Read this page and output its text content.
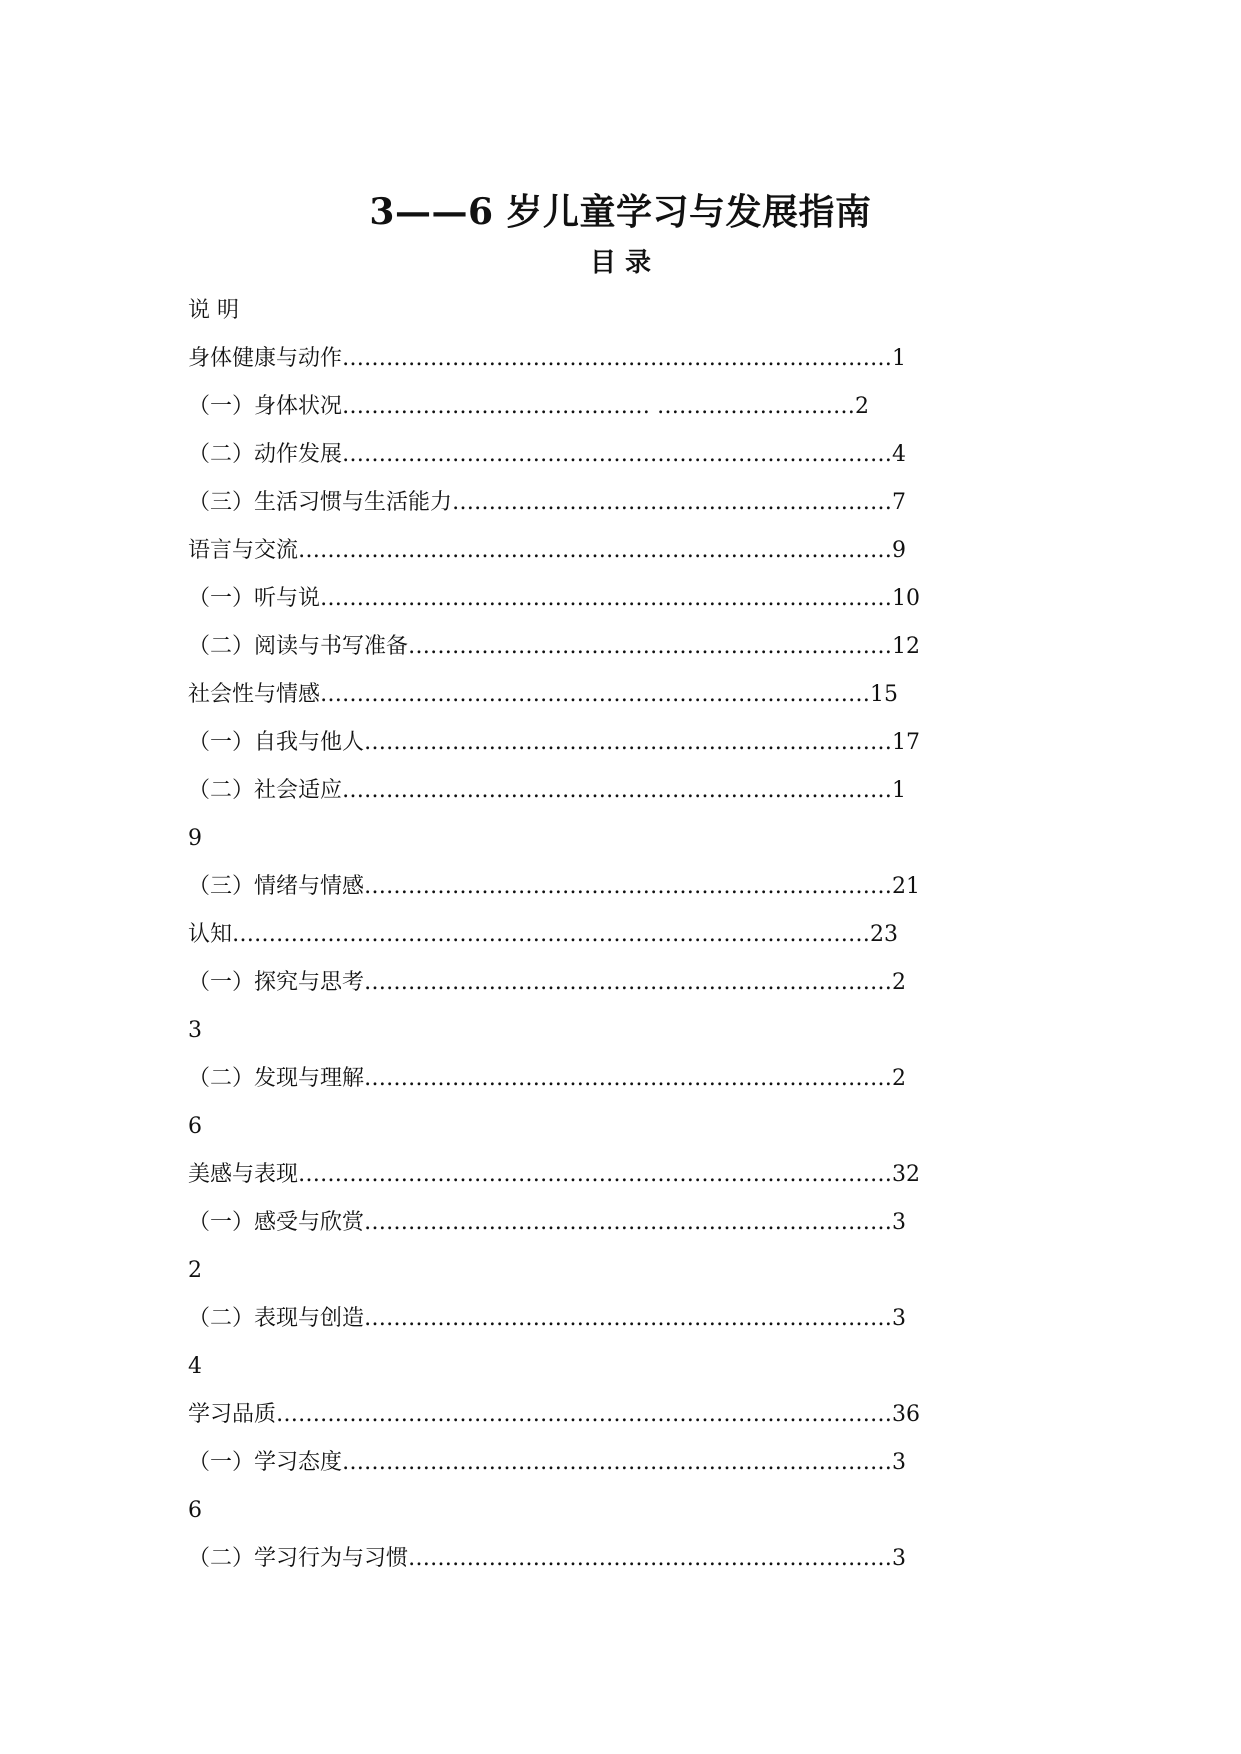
3——6 岁儿童学习与发展指南
目 录
说 明
身体健康与动作…………………………………………………………………1
（一）身体状况…………………………………… ………………………2
（二）动作发展…………………………………………………………………4
（三）生活习惯与生活能力……………………………………………………7
语言与交流………………………………………………………………………9
（一）听与说……………………………………………………………………10
（二）阅读与书写准备…………………………………………………………12
社会性与情感…………………………………………………………………15
（一）自我与他人………………………………………………………………17
（二）社会适应…………………………………………………………………1
9
（三）情绪与情感………………………………………………………………21
认知……………………………………………………………………………23
（一）探究与思考………………………………………………………………2
3
（二）发现与理解………………………………………………………………2
6
美感与表现………………………………………………………………………32
（一）感受与欣赏………………………………………………………………3
2
（二）表现与创造………………………………………………………………3
4
学习品质…………………………………………………………………………36
（一）学习态度…………………………………………………………………3
6
（二）学习行为与习惯…………………………………………………………3
